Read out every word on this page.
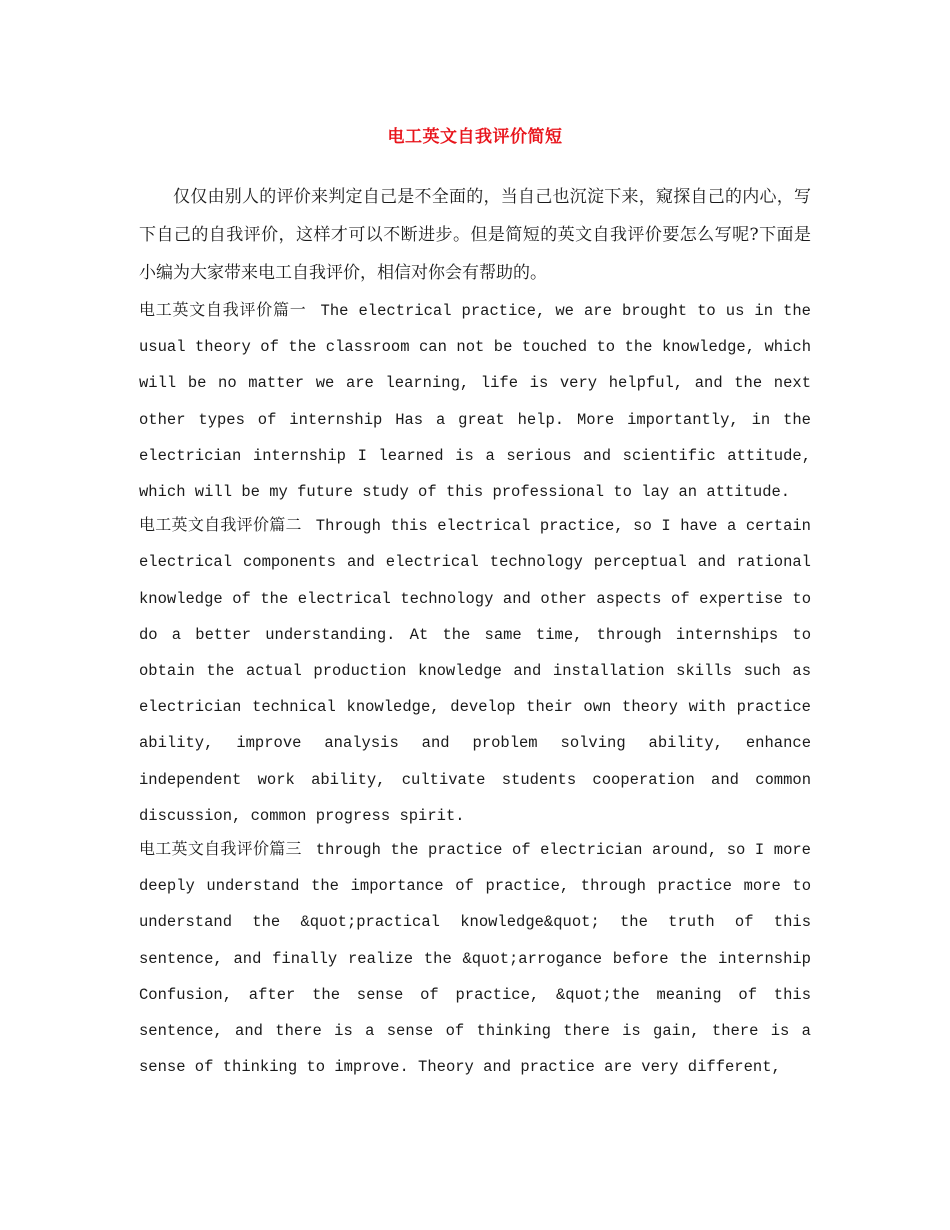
电工英文自我评价简短

仅仅由别人的评价来判定自己是不全面的，当自己也沉淀下来，窥探自己的内心，写下自己的自我评价，这样才可以不断进步。但是简短的英文自我评价要怎么写呢?下面是小编为大家带来电工自我评价，相信对你会有帮助的。

电工英文自我评价篇一 The electrical practice, we are brought to us in the usual theory of the classroom can not be touched to the knowledge, which will be no matter we are learning, life is very helpful, and the next other types of internship Has a great help. More importantly, in the electrician internship I learned is a serious and scientific attitude, which will be my future study of this professional to lay an attitude.

电工英文自我评价篇二 Through this electrical practice, so I have a certain electrical components and electrical technology perceptual and rational knowledge of the electrical technology and other aspects of expertise to do a better understanding. At the same time, through internships to obtain the actual production knowledge and installation skills such as electrician technical knowledge, develop their own theory with practice ability, improve analysis and problem solving ability, enhance independent work ability, cultivate students cooperation and common discussion, common progress spirit.

电工英文自我评价篇三 through the practice of electrician around, so I more deeply understand the importance of practice, through practice more to understand the &quot;practical knowledge&quot; the truth of this sentence, and finally realize the &quot;arrogance before the internship Confusion, after the sense of practice, &quot;the meaning of this sentence, and there is a sense of thinking there is gain, there is a sense of thinking to improve. Theory and practice are very different,
